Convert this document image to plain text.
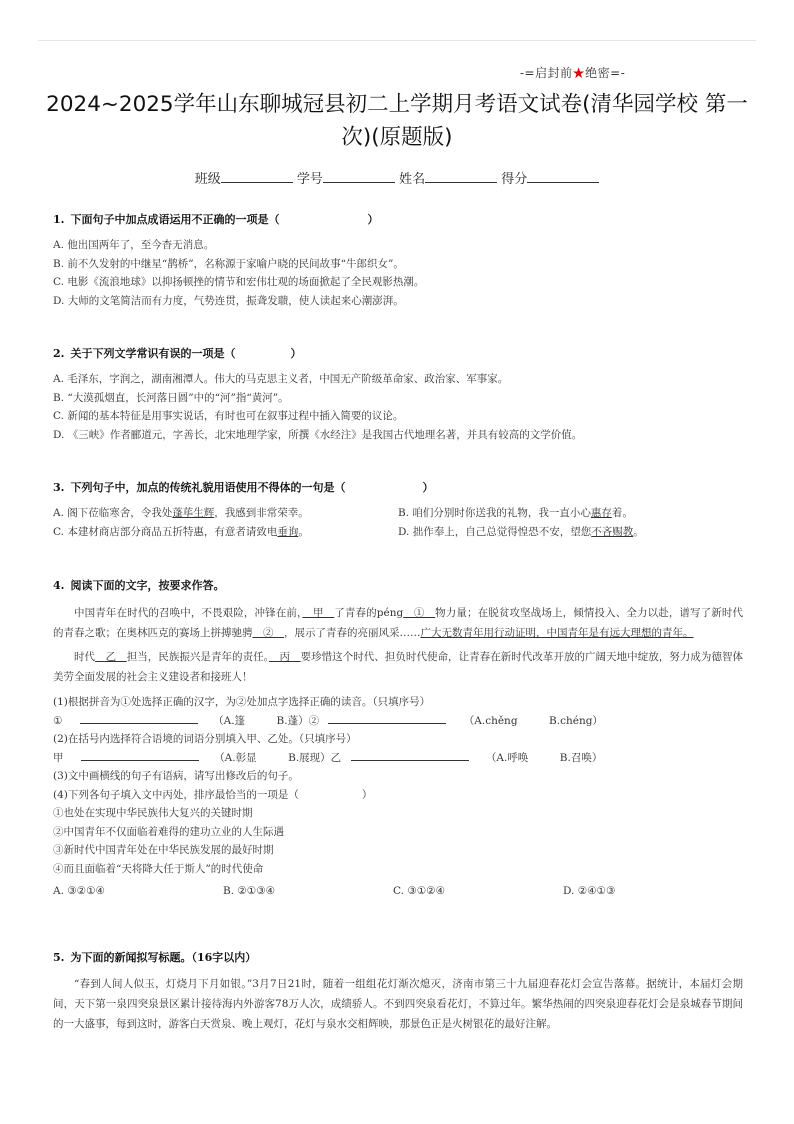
-=启封前★绝密=-
2024~2025学年山东聊城冠县初二上学期月考语文试卷(清华园学校 第一
次)(原题版)
班级	学号	姓名	得分
1. 下面句子中加点成语运用不正确的一项是（　　　　　　　　）
A. 他出国两年了，至今杳无消息。
B. 前不久发射的中继星“鹊桥”，名称源于家喻户晓的民间故事“牛郎织女”。
C. 电影《流浪地球》以抑扬顿挫的情节和宏伟壮观的场面掀起了全民观影热潮。
D. 大师的文笔简洁而有力度，气势连贯，振聋发聩，使人读起来心潮澎湃。
2. 关于下列文学常识有误的一项是（　　　　　）
A. 毛泽东，字润之，湖南湘潭人。伟大的马克思主义者，中国无产阶级革命家、政治家、军事家。
B. “大漠孤烟直，长河落日圆”中的“河”指“黄河”。
C. 新闻的基本特征是用事实说话，有时也可在叙事过程中插入简要的议论。
D. 《三峡》作者郦道元，字善长，北宋地理学家，所撰《水经注》是我国古代地理名著，并具有较高的文学价值。
3. 下列句子中，加点的传统礼貌用语使用不得体的一句是（　　　　　　　）
A. 阁下莅临寒舍，令我处蓬荜生辉，我感到非常荣幸。	B. 咱们分别时你送我的礼物，我一直小心惠存着。
C. 本建材商店部分商品五折特惠，有意者请致电垂询。	D. 拙作奉上，自己总觉得惶恐不安，望您不吝赐教。
4. 阅读下面的文字，按要求作答。
中国青年在时代的召唤中，不畏艰险，冲锋在前，　甲　了青春的péng　①　物力量；在脱贫攻坚战场上，倾情投入、全力以赴，谱写了新时代的青春之歌；在奥林匹克的赛场上拼搏驰骋　②　，展示了青春的亮丽风采……广大无数青年用行动证明，中国青年是有远大理想的青年。
时代　乙　担当，民族振兴是青年的责任。　丙　要珍惜这个时代、担负时代使命，让青春在新时代改革开放的广阔天地中绽放，努力成为德智体美劳全面发展的社会主义建设者和接班人！
(1)根据拼音为①处选择正确的汉字，为②处加点字选择正确的读音。（只填序号）
①	（A.篷　　　B.蓬）②	（A.chěng　　　B.chéng）
(2)在括号内选择符合语境的词语分别填入甲、乙处。（只填序号）
甲	（A.彰显　　　B.展现）乙	（A.呼唤　　　B.召唤）
(3)文中画横线的句子有语病，请写出修改后的句子。
(4)下列各句子填入文中丙处，排序最恰当的一项是（　　　　　　）
①也处在实现中华民族伟大复兴的关键时期
②中国青年不仅面临着难得的建功立业的人生际遇
③新时代中国青年处在中华民族发展的最好时期
④而且面临着“天将降大任于斯人”的时代使命
A. ③②①④	B. ②①③④	C. ③①②④	D. ②④①③
5. 为下面的新闻拟写标题。（16字以内）
“春到人间人似玉，灯烧月下月如银。”3月7日21时，随着一组组花灯渐次熄灭，济南市第三十九届迎春花灯会宣告落幕。据统计，本届灯会期间，天下第一泉四突泉景区累计接待海内外游客78万人次，成绩骄人。不到四突泉看花灯，不算过年。繁华热闹的四突泉迎春花灯会是泉城春节期间的一大盛事，每到这时，游客白天赏泉、晚上观灯，花灯与泉水交相辉映，那景色正是火树银花的最好注解。
